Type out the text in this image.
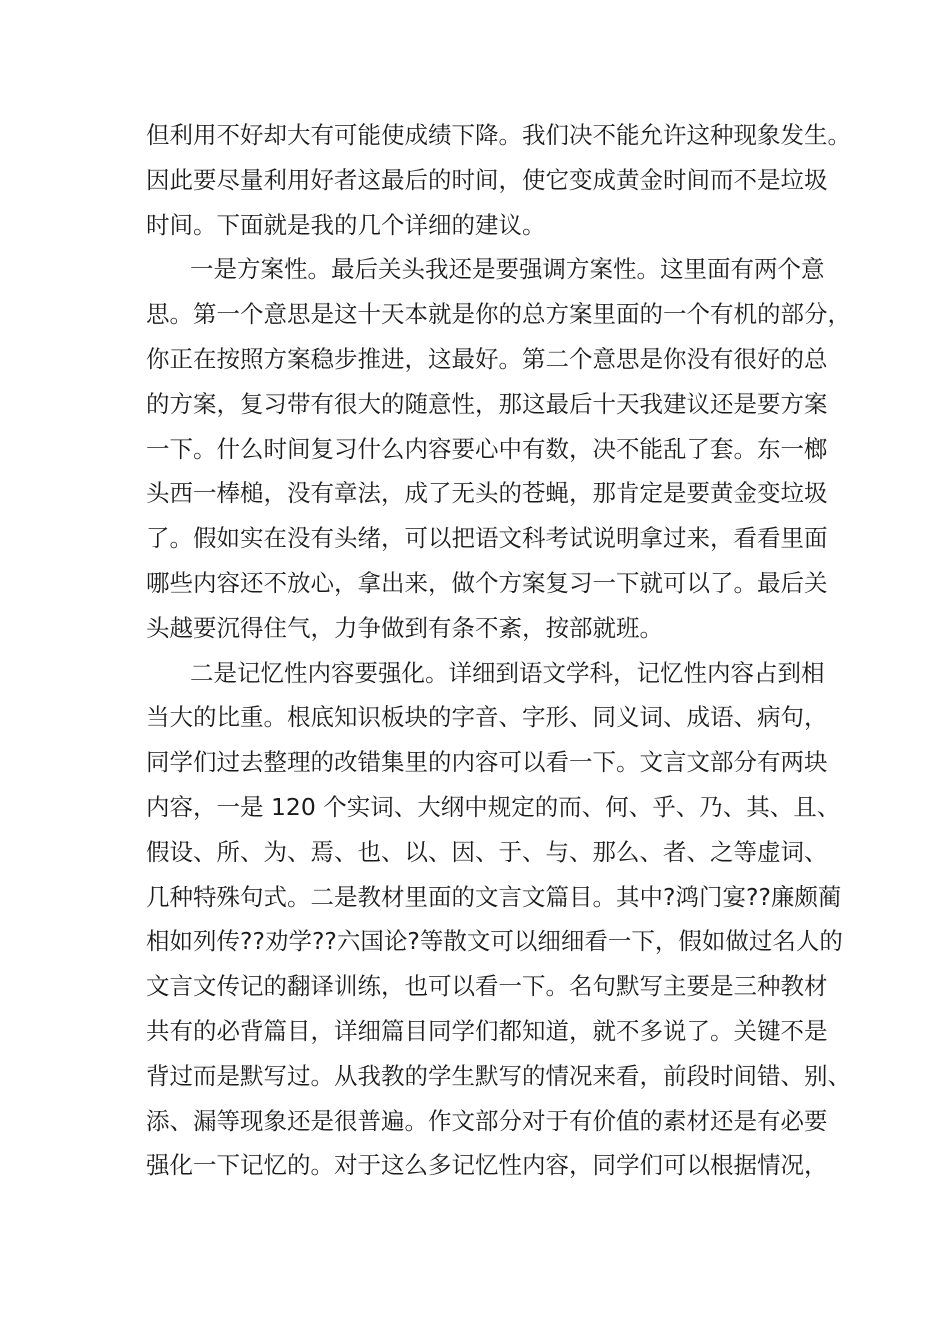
但利用不好却大有可能使成绩下降。我们决不能允许这种现象发生。
因此要尽量利用好者这最后的时间，使它变成黄金时间而不是垃圾
时间。下面就是我的几个详细的建议。
一是方案性。最后关头我还是要强调方案性。这里面有两个意
思。第一个意思是这十天本就是你的总方案里面的一个有机的部分，
你正在按照方案稳步推进，这最好。第二个意思是你没有很好的总
的方案，复习带有很大的随意性，那这最后十天我建议还是要方案
一下。什么时间复习什么内容要心中有数，决不能乱了套。东一榔
头西一棒槌，没有章法，成了无头的苍蝇，那肯定是要黄金变垃圾
了。假如实在没有头绪，可以把语文科考试说明拿过来，看看里面
哪些内容还不放心，拿出来，做个方案复习一下就可以了。最后关
头越要沉得住气，力争做到有条不紊，按部就班。
二是记忆性内容要强化。详细到语文学科，记忆性内容占到相
当大的比重。根底知识板块的字音、字形、同义词、成语、病句，
同学们过去整理的改错集里的内容可以看一下。文言文部分有两块
内容，一是 120 个实词、大纲中规定的而、何、乎、乃、其、且、
假设、所、为、焉、也、以、因、于、与、那么、者、之等虚词、
几种特殊句式。二是教材里面的文言文篇目。其中?鸿门宴??廉颇蔺
相如列传??劝学??六国论?等散文可以细细看一下，假如做过名人的
文言文传记的翻译训练，也可以看一下。名句默写主要是三种教材
共有的必背篇目，详细篇目同学们都知道，就不多说了。关键不是
背过而是默写过。从我教的学生默写的情况来看，前段时间错、别、
添、漏等现象还是很普遍。作文部分对于有价值的素材还是有必要
强化一下记忆的。对于这么多记忆性内容，同学们可以根据情况，
